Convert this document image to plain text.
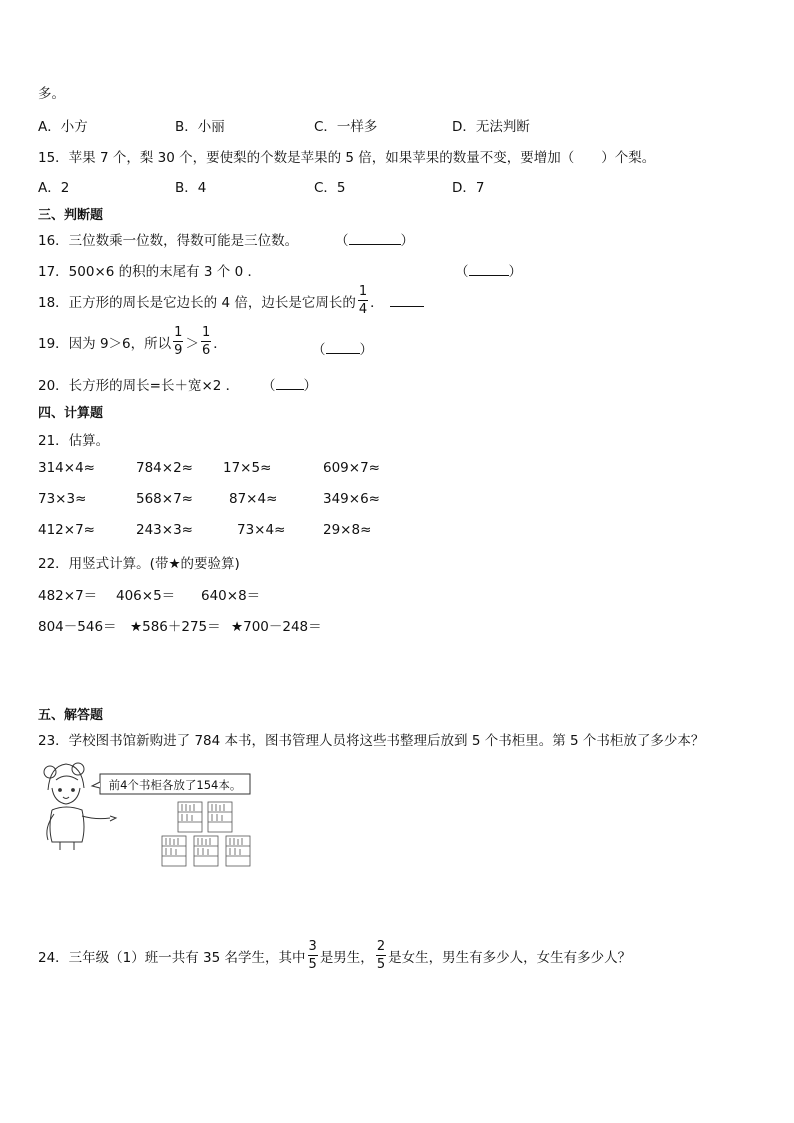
多。
A．小方	B．小丽	C．一样多	D．无法判断
15．苹果 7 个，梨 30 个，要使梨的个数是苹果的 5 倍，如果苹果的数量不变，要增加（　　）个梨。
A．2	B．4	C．5	D．7
三、判断题
16．三位数乘一位数，得数可能是三位数。	（	）
17．500×6 的积的末尾有 3 个 0 ．	（	）
18．正方形的周长是它边长的 4 倍，边长是它周长的 $\frac{1}{4}$ ．
19．因为 9＞6，所以 $\frac{1}{9} > \frac{1}{6}$ ．	（	）
20．长方形的周长=长＋宽×2 ． （ ）
四、计算题
21．估算。
314×4≈	784×2≈ 17×5≈	609×7≈
73×3≈	568×7≈	87×4≈	349×6≈
412×7≈	243×3≈	73×4≈	29×8≈
22．用竖式计算。(带★的要验算)
482×7＝ 406×5＝ 640×8＝
804－546＝ ★586＋275＝ ★700－248＝
五、解答题
23．学校图书馆新购进了 784 本书，图书管理人员将这些书整理后放到 5 个书柜里。第 5 个书柜放了多少本？
前4个书柜各放了154本。
24．三年级（1）班一共有 35 名学生，其中 $\frac{3}{5}$ 是男生， $\frac{2}{5}$ 是女生，男生有多少人，女生有多少人？
